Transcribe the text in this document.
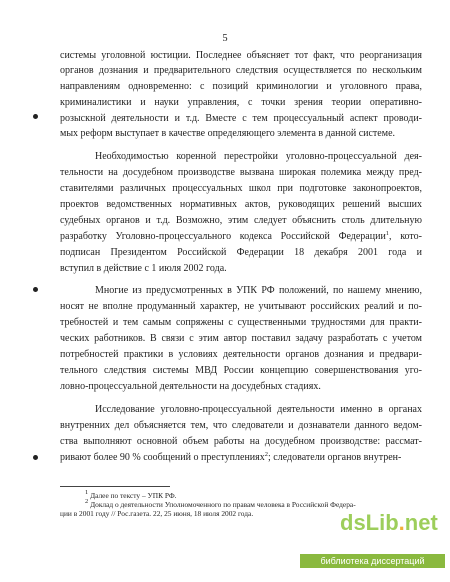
5
системы уголовной юстиции. Последнее объясняет тот факт, что реорганизация
органов дознания и предварительного следствия осуществляется по нескольким
направлениям одновременно: с позиций криминологии и уголовного права,
криминалистики и науки управления, с точки зрения теории оперативно-
розыскной деятельности и т.д. Вместе с тем процессуальный аспект проводи-
мых реформ выступает в качестве определяющего элемента в данной системе.
Необходимостью коренной перестройки уголовно-процессуальной дея-
тельности на досудебном производстве вызвана широкая полемика между пред-
ставителями различных процессуальных школ при подготовке законопроектов,
проектов ведомственных нормативных актов, руководящих решений высших
судебных органов и т.д. Возможно, этим следует объяснить столь длительную
разработку Уголовно-процессуального кодекса Российской Федерации$^1$, кото-
подписан Президентом Российской Федерации 18 декабря 2001 года и
вступил в действие с 1 июля 2002 года.
Многие из предусмотренных в УПК РФ положений, по нашему мнению,
носят не вполне продуманный характер, не учитывают российских реалий и по-
требностей и тем самым сопряжены с существенными трудностями для практи-
ческих работников. В связи с этим автор поставил задачу разработать с учетом
потребностей практики в условиях деятельности органов дознания и предвари-
тельного следствия системы МВД России концепцию совершенствования уго-
ловно-процессуальной деятельности на досудебных стадиях.
Исследование уголовно-процессуальной деятельности именно в органах
внутренних дел объясняется тем, что следователи и дознаватели данного ведом-
ства выполняют основной объем работы на досудебном производстве: рассмат-
ривают более 90 % сообщений о преступлениях$^2$; следователи органов внутрен-
$^1$ Далее по тексту – УПК РФ.
$^2$ Доклад о деятельности Уполномоченного по правам человека в Российской Федера-
ции в 2001 году // Рос.газета. 22, 25 июня, 18 июля 2002 года.	dsLib.net
библиотека диссертаций
